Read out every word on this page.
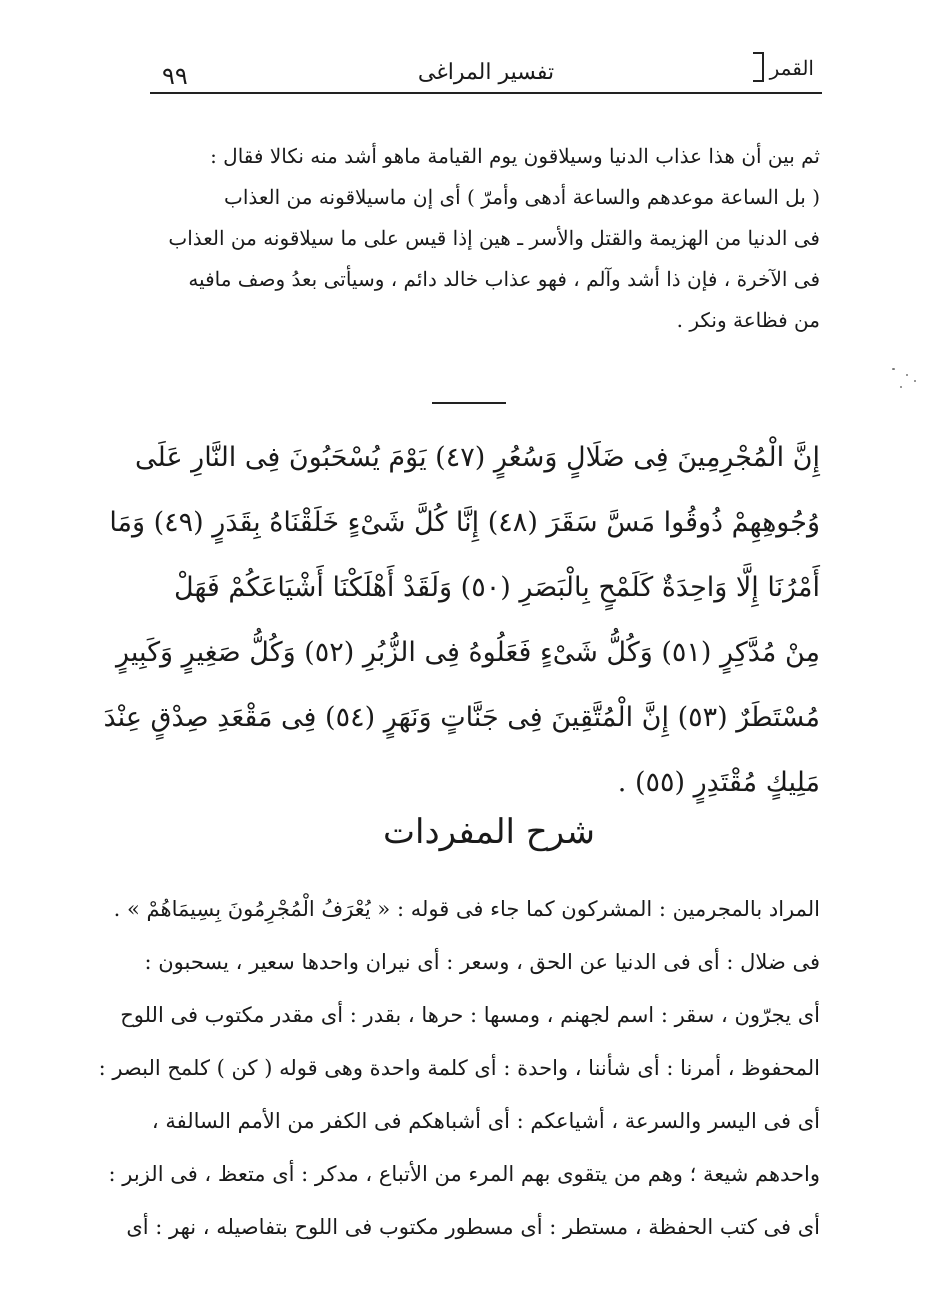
٩٩	تفسير المراغى	القمر
ثم بين أن هذا عذاب الدنيا وسيلاقون يوم القيامة ماهو أشد منه نكالا فقال :
( بل الساعة موعدهم والساعة أدهى وأمرّ ) أى إن ماسيلاقونه من العذاب
فى الدنيا من الهزيمة والقتل والأسر ـ هين إذا قيس على ما سيلاقونه من العذاب
فى الآخرة ، فإن ذا أشد وآلم ، فهو عذاب خالد دائم ، وسيأتى بعدُ وصف مافيه
من فظاعة ونكر .
إِنَّ الْمُجْرِمِينَ فِى ضَلَالٍ وَسُعُرٍ (٤٧) يَوْمَ يُسْحَبُونَ فِى النَّارِ عَلَى
وُجُوهِهِمْ ذُوقُوا مَسَّ سَقَرَ (٤٨) إِنَّا كُلَّ شَىْءٍ خَلَقْنَاهُ بِقَدَرٍ (٤٩) وَمَا
أَمْرُنَا إِلَّا وَاحِدَةٌ كَلَمْحٍ بِالْبَصَرِ (٥٠) وَلَقَدْ أَهْلَكْنَا أَشْيَاعَكُمْ فَهَلْ
مِنْ مُدَّكِرٍ (٥١) وَكُلُّ شَىْءٍ فَعَلُوهُ فِى الزُّبُرِ (٥٢) وَكُلُّ صَغِيرٍ وَكَبِيرٍ
مُسْتَطَرٌ (٥٣) إِنَّ الْمُتَّقِينَ فِى جَنَّاتٍ وَنَهَرٍ (٥٤) فِى مَقْعَدِ صِدْقٍ عِنْدَ
مَلِيكٍ مُقْتَدِرٍ (٥٥) .
شرح المفردات
المراد بالمجرمين : المشركون كما جاء فى قوله : « يُعْرَفُ الْمُجْرِمُونَ بِسِيمَاهُمْ » .
فى ضلال : أى فى الدنيا عن الحق ، وسعر : أى نيران واحدها سعير ، يسحبون :
أى يجرّون ، سقر : اسم لجهنم ، ومسها : حرها ، بقدر : أى مقدر مكتوب فى اللوح
المحفوظ ، أمرنا : أى شأننا ، واحدة : أى كلمة واحدة وهى قوله ( كن ) كلمح البصر :
أى فى اليسر والسرعة ، أشياعكم : أى أشباهكم فى الكفر من الأمم السالفة ،
واحدهم شيعة ؛ وهم من يتقوى بهم المرء من الأتباع ، مدكر : أى متعظ ، فى الزبر :
أى فى كتب الحفظة ، مستطر : أى مسطور مكتوب فى اللوح بتفاصيله ، نهر : أى
